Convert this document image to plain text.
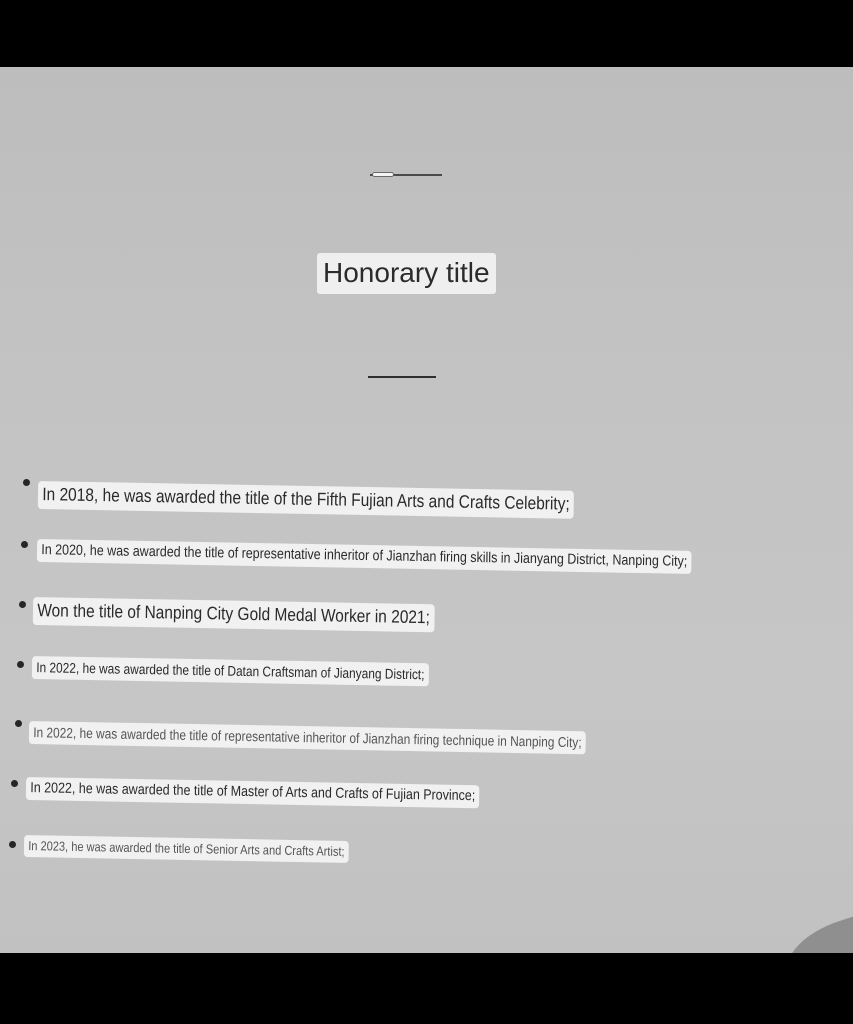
Honorary title
In 2018, he was awarded the title of the Fifth Fujian Arts and Crafts Celebrity;
In 2020, he was awarded the title of representative inheritor of Jianzhan firing skills in Jianyang District, Nanping City;
Won the title of Nanping City Gold Medal Worker in 2021;
In 2022, he was awarded the title of Datan Craftsman of Jianyang District;
In 2022, he was awarded the title of representative inheritor of Jianzhan firing technique in Nanping City;
In 2022, he was awarded the title of Master of Arts and Crafts of Fujian Province;
In 2023, he was awarded the title of Senior Arts and Crafts Artist;
